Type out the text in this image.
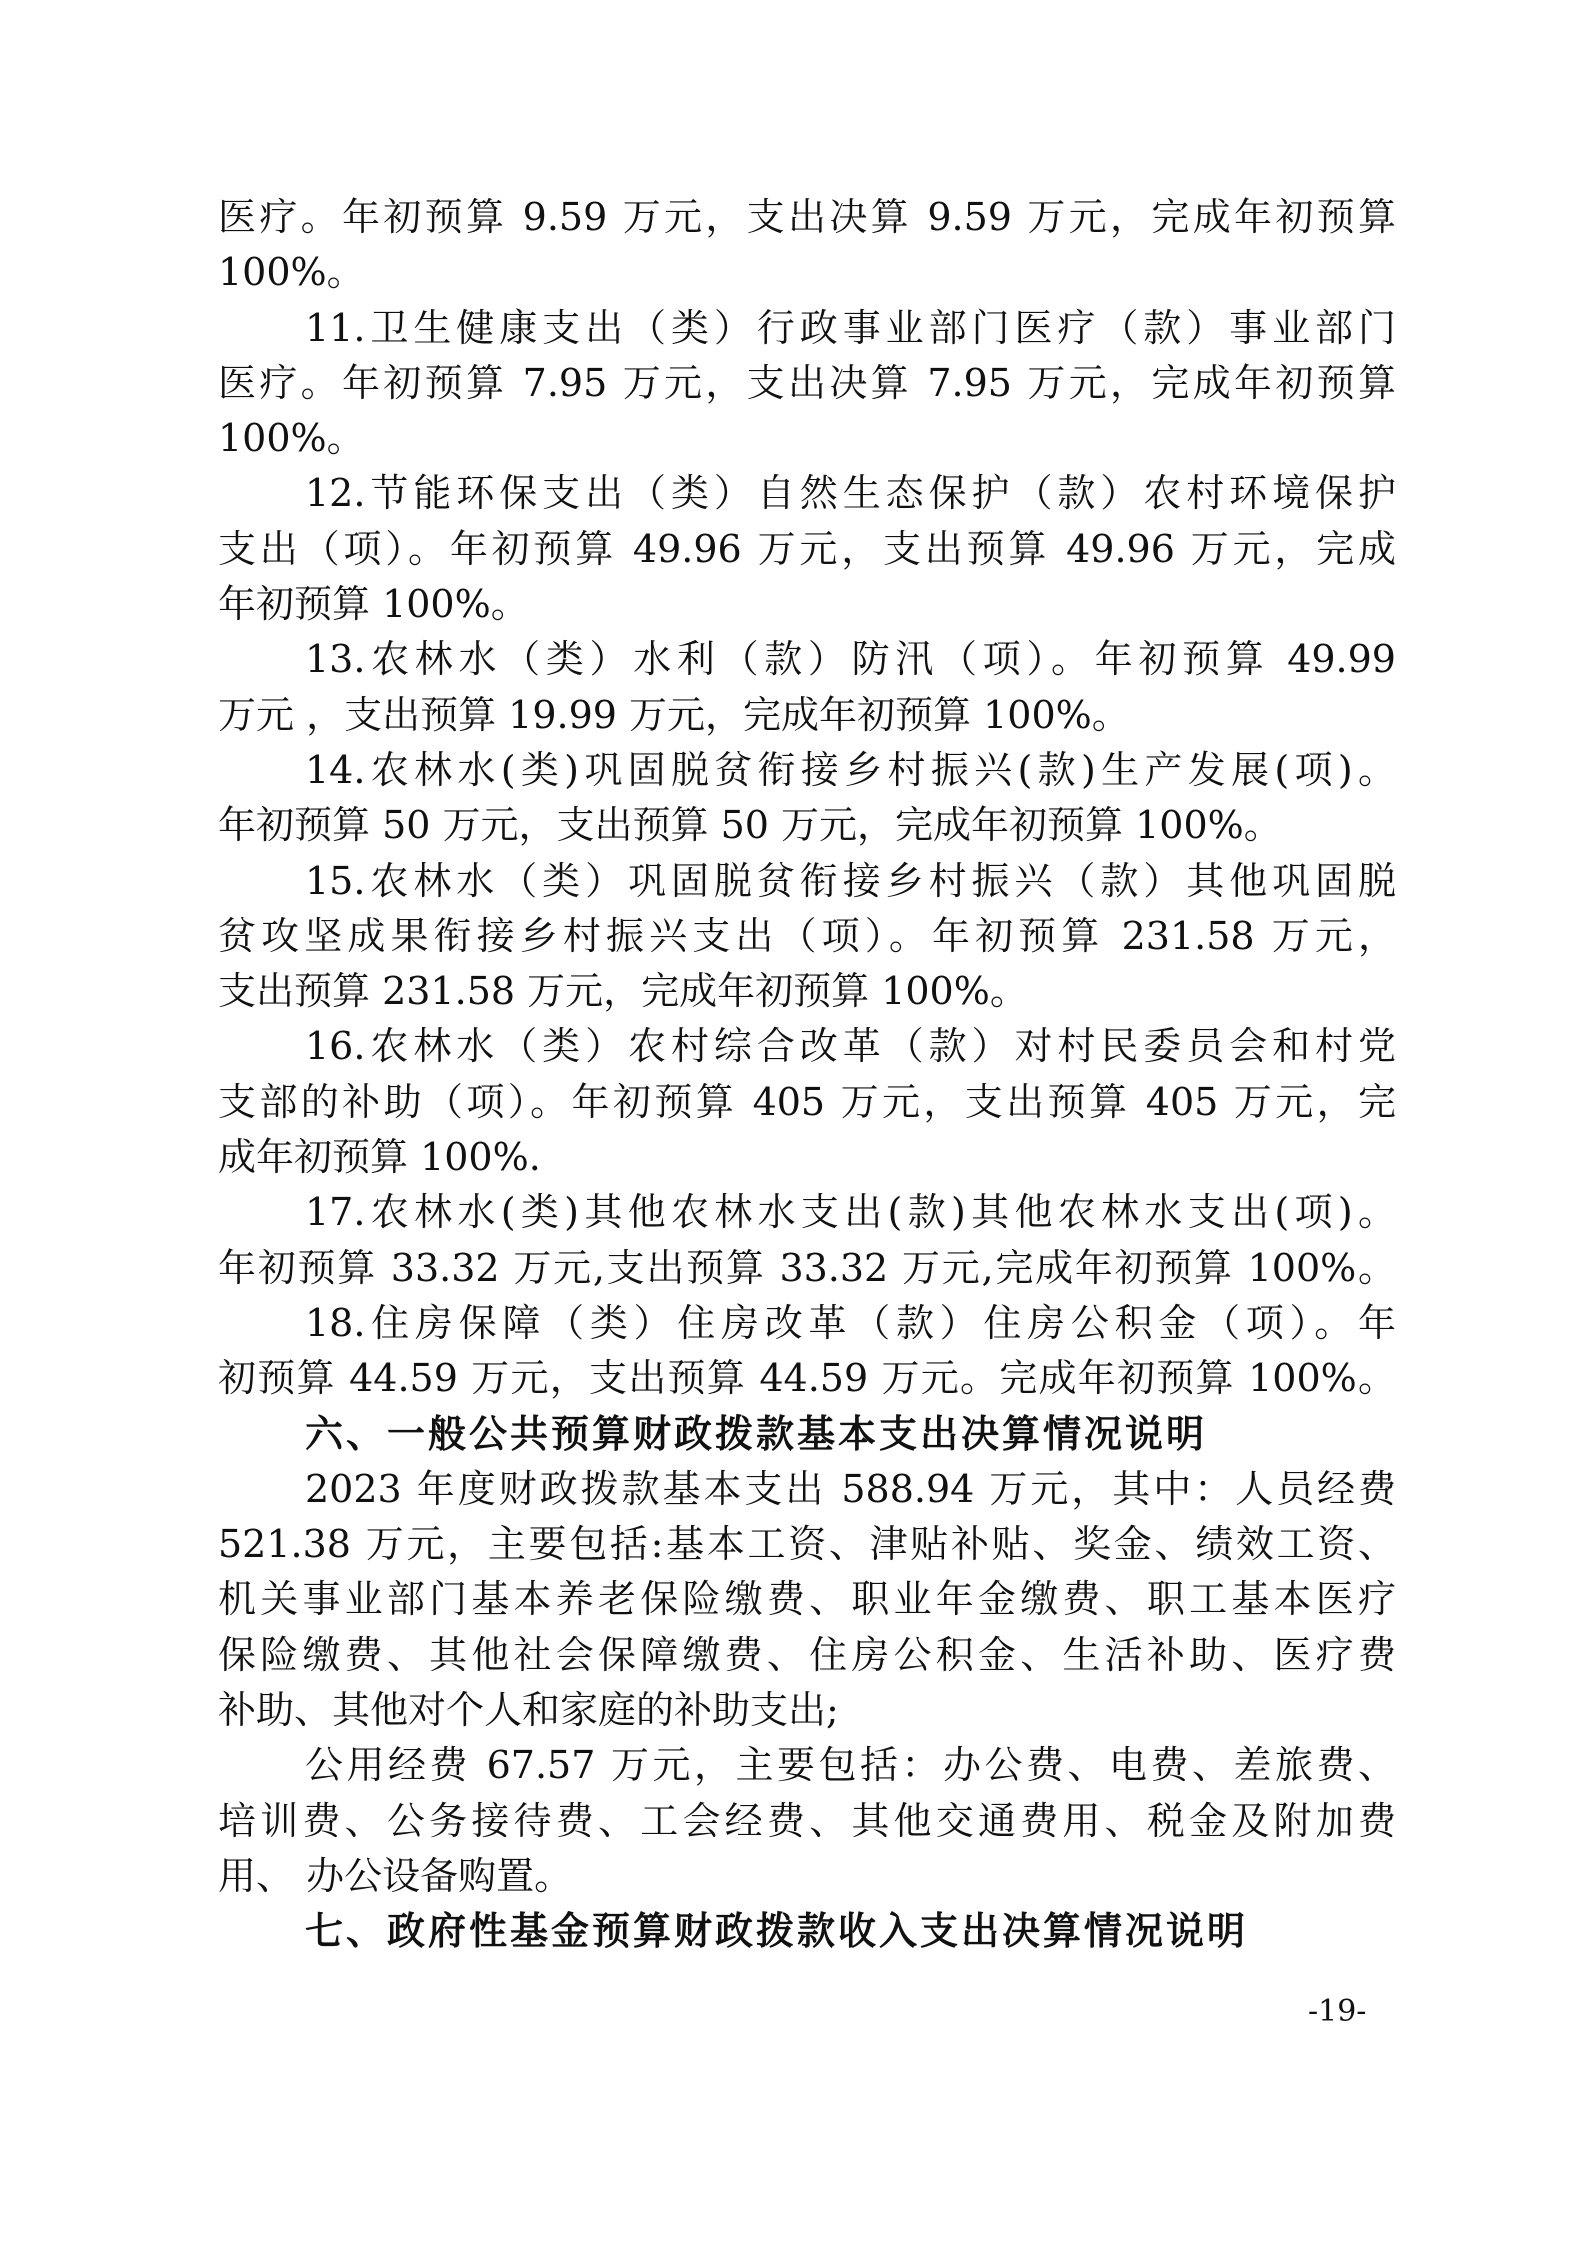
医疗。年初预算 9.59 万元，支出决算 9.59 万元，完成年初预算
100%。
11.卫生健康支出（类）行政事业部门医疗（款）事业部门
医疗。年初预算 7.95 万元，支出决算 7.95 万元，完成年初预算
100%。
12.节能环保支出（类）自然生态保护（款）农村环境保护
支出（项）。年初预算 49.96 万元，支出预算 49.96 万元，完成
年初预算 100%。
13.农林水（类）水利（款）防汛（项）。年初预算 49.99
万元 ，支出预算 19.99 万元，完成年初预算 100%。
14.农林水(类)巩固脱贫衔接乡村振兴(款)生产发展(项)。
年初预算 50 万元，支出预算 50 万元，完成年初预算 100%。
15.农林水（类）巩固脱贫衔接乡村振兴（款）其他巩固脱
贫攻坚成果衔接乡村振兴支出（项）。年初预算 231.58 万元，
支出预算 231.58 万元，完成年初预算 100%。
16.农林水（类）农村综合改革（款）对村民委员会和村党
支部的补助（项）。年初预算 405 万元，支出预算 405 万元，完
成年初预算 100%.
17.农林水(类)其他农林水支出(款)其他农林水支出(项)。
年初预算 33.32 万元,支出预算 33.32 万元,完成年初预算 100%。
18.住房保障（类）住房改革（款）住房公积金（项）。年
初预算 44.59 万元，支出预算 44.59 万元。完成年初预算 100%。
六、一般公共预算财政拨款基本支出决算情况说明
2023 年度财政拨款基本支出 588.94 万元，其中：人员经费
521.38 万元，主要包括:基本工资、津贴补贴、奖金、绩效工资、
机关事业部门基本养老保险缴费、职业年金缴费、职工基本医疗
保险缴费、其他社会保障缴费、住房公积金、生活补助、医疗费
补助、其他对个人和家庭的补助支出;
公用经费 67.57 万元，主要包括：办公费、电费、差旅费、
培训费、公务接待费、工会经费、其他交通费用、税金及附加费
用、 办公设备购置。
七、政府性基金预算财政拨款收入支出决算情况说明
-19-
